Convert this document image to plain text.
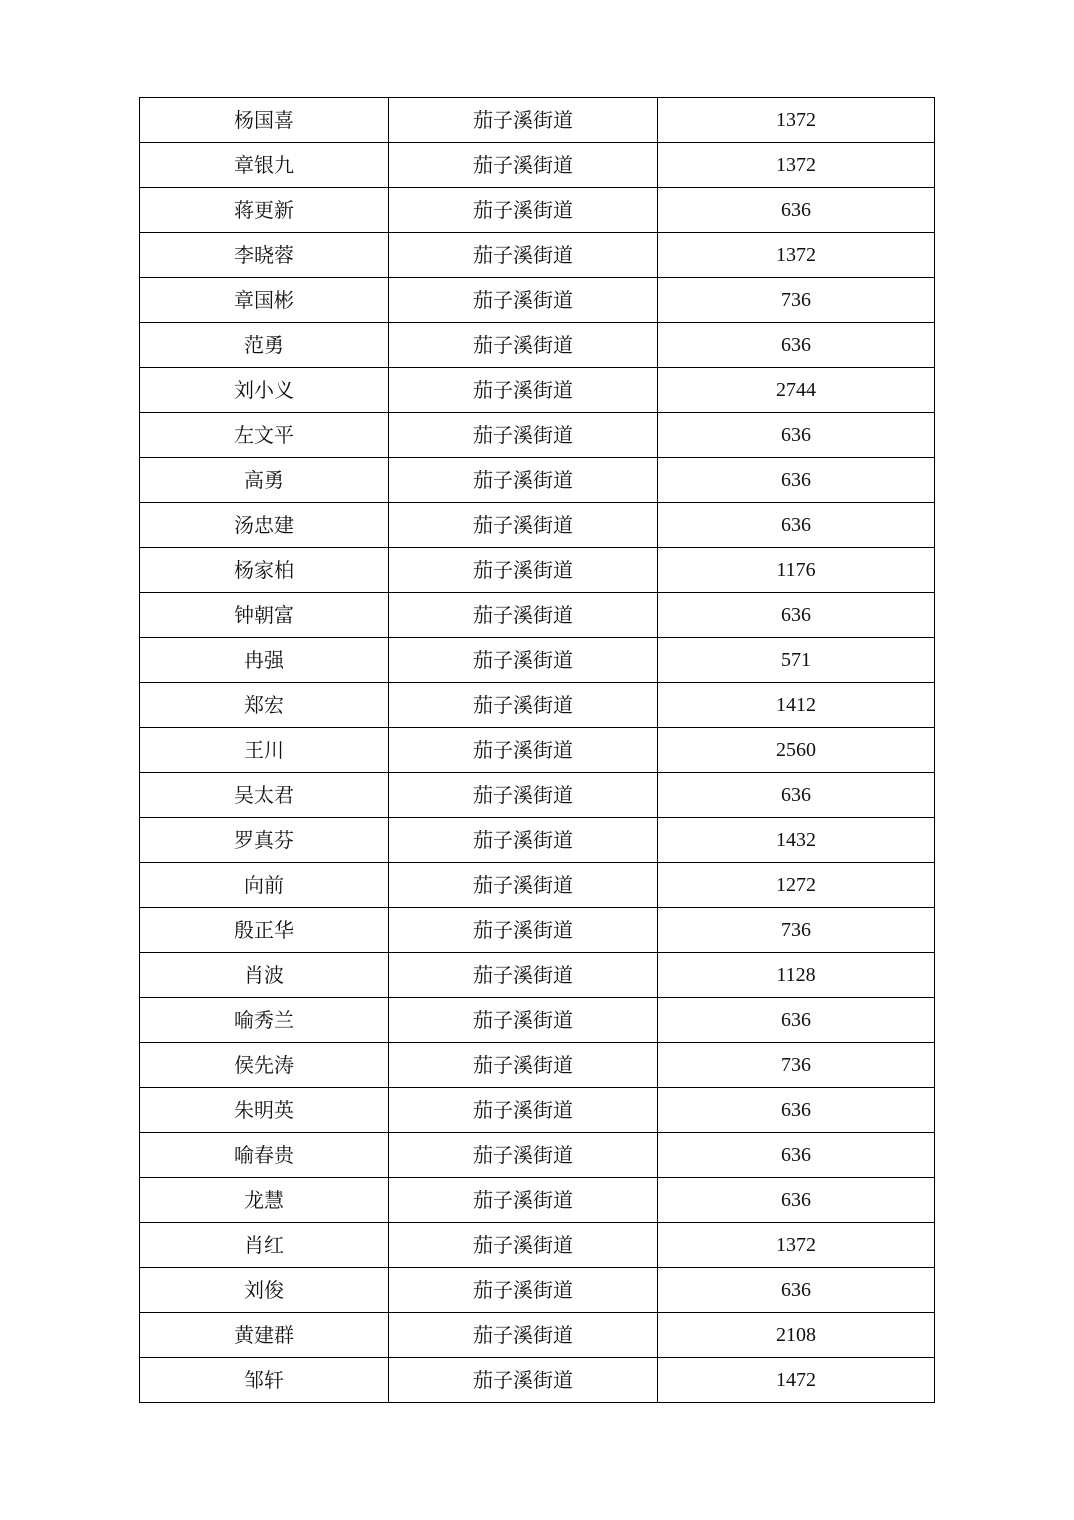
杨国喜	茄子溪街道	1372
章银九	茄子溪街道	1372
蒋更新	茄子溪街道	636
李晓蓉	茄子溪街道	1372
章国彬	茄子溪街道	736
范勇	茄子溪街道	636
刘小义	茄子溪街道	2744
左文平	茄子溪街道	636
高勇	茄子溪街道	636
汤忠建	茄子溪街道	636
杨家柏	茄子溪街道	1176
钟朝富	茄子溪街道	636
冉强	茄子溪街道	571
郑宏	茄子溪街道	1412
王川	茄子溪街道	2560
吴太君	茄子溪街道	636
罗真芬	茄子溪街道	1432
向前	茄子溪街道	1272
殷正华	茄子溪街道	736
肖波	茄子溪街道	1128
喻秀兰	茄子溪街道	636
侯先涛	茄子溪街道	736
朱明英	茄子溪街道	636
喻春贵	茄子溪街道	636
龙慧	茄子溪街道	636
肖红	茄子溪街道	1372
刘俊	茄子溪街道	636
黄建群	茄子溪街道	2108
邹轩	茄子溪街道	1472
